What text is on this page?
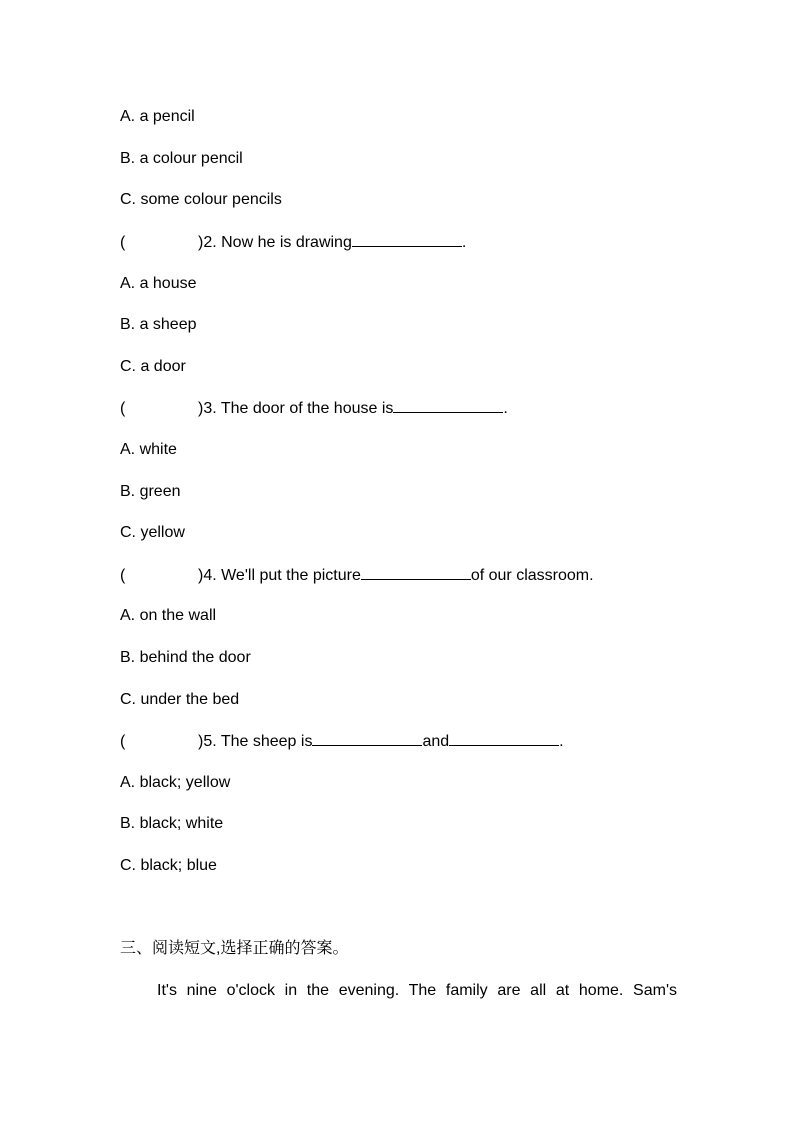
A. a pencil
B. a colour pencil
C. some colour pencils
(	)2. Now he is drawing	.
A. a house
B. a sheep
C. a door
(	)3. The door of the house is	.
A. white
B. green
C. yellow
(	)4. We'll put the picture	of our classroom.
A. on the wall
B. behind the door
C. under the bed
(	)5. The sheep is	and	.
A. black; yellow
B. black; white
C. black; blue
三、阅读短文,选择正确的答案。
It's nine o'clock in the evening. The family are all at home. Sam's
